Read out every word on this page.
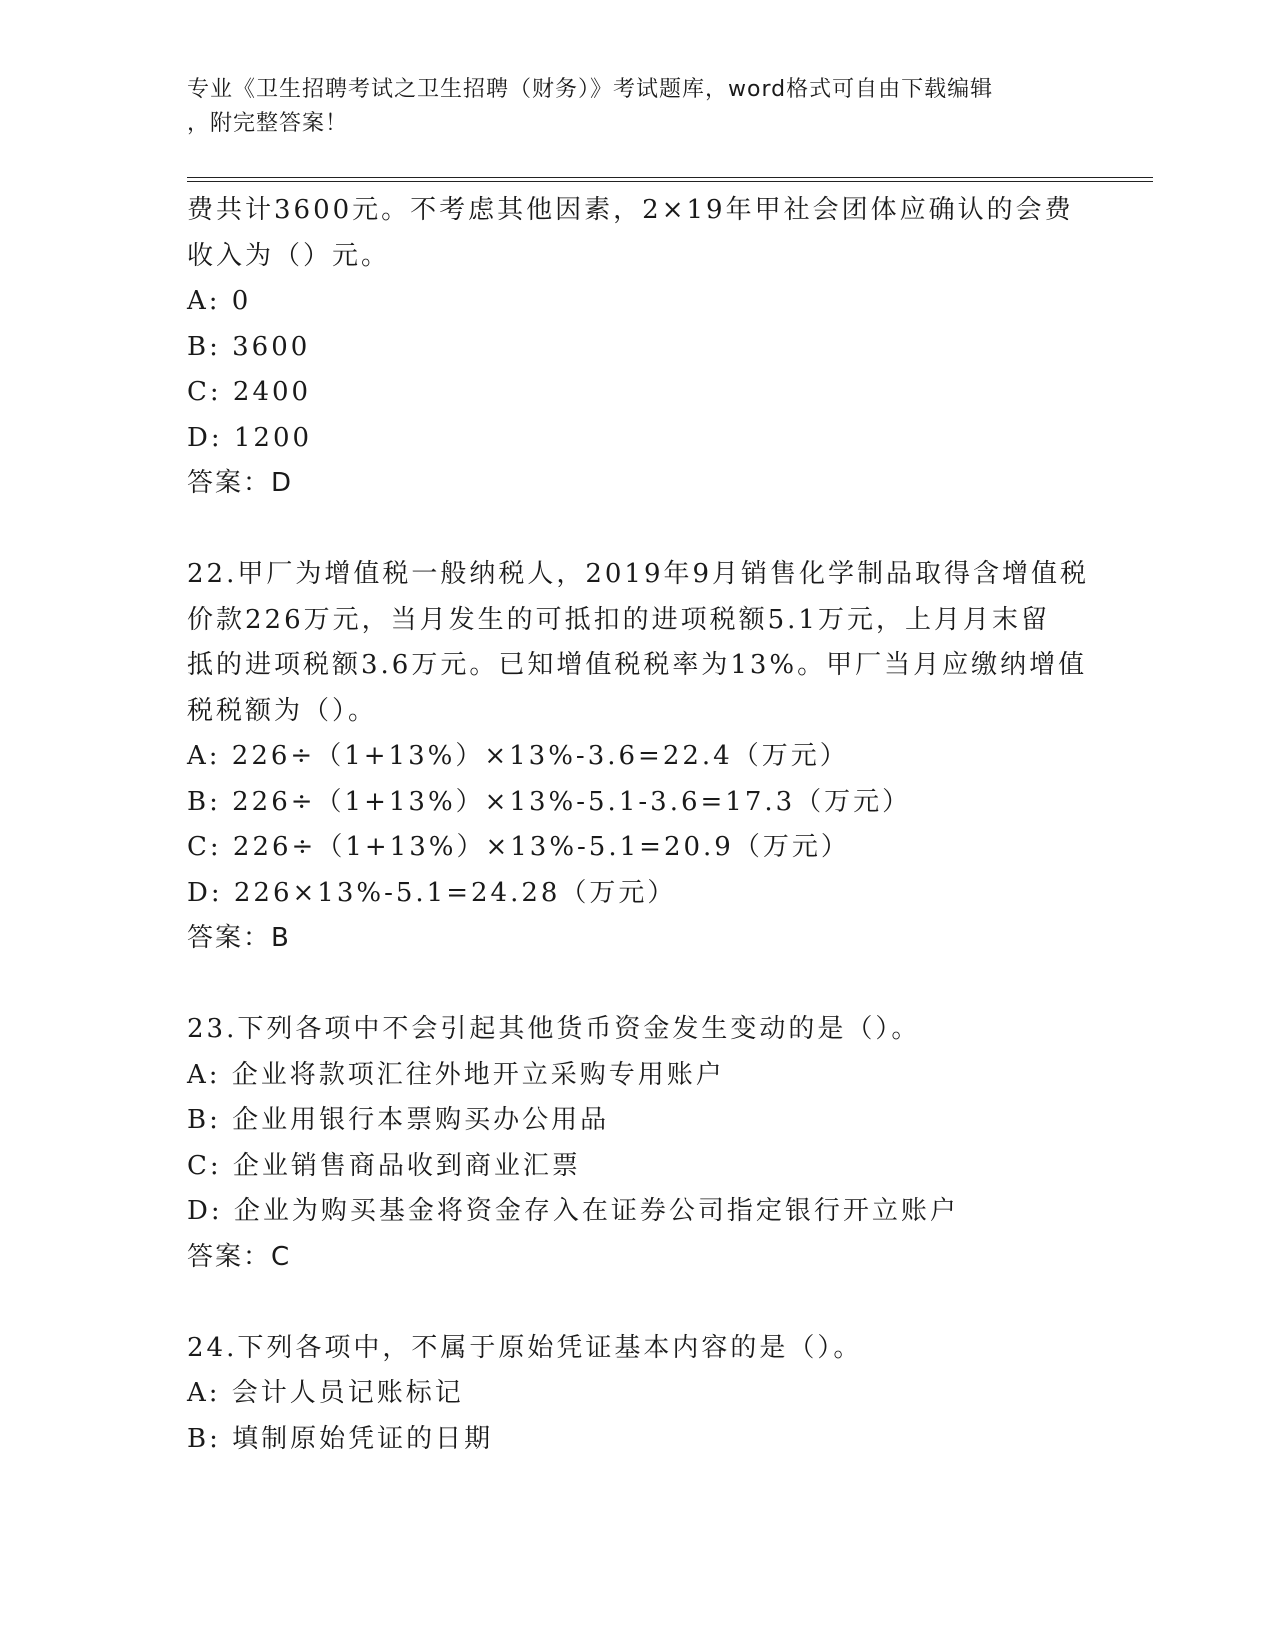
专业《卫生招聘考试之卫生招聘（财务）》考试题库，word格式可自由下载编辑
，附完整答案！
费共计3600元。不考虑其他因素，2×19年甲社会团体应确认的会费
收入为（）元。
A: 0
B: 3600
C: 2400
D: 1200
答案：D
22.甲厂为增值税一般纳税人，2019年9月销售化学制品取得含增值税
价款226万元，当月发生的可抵扣的进项税额5.1万元，上月月末留
抵的进项税额3.6万元。已知增值税税率为13%。甲厂当月应缴纳增值
税税额为（）。
A: 226÷（1+13%）×13%-3.6=22.4（万元）
B: 226÷（1+13%）×13%-5.1-3.6=17.3（万元）
C: 226÷（1+13%）×13%-5.1=20.9（万元）
D: 226×13%-5.1=24.28（万元）
答案：B
23.下列各项中不会引起其他货币资金发生变动的是（）。
A: 企业将款项汇往外地开立采购专用账户
B: 企业用银行本票购买办公用品
C: 企业销售商品收到商业汇票
D: 企业为购买基金将资金存入在证券公司指定银行开立账户
答案：C
24.下列各项中，不属于原始凭证基本内容的是（）。
A: 会计人员记账标记
B: 填制原始凭证的日期
